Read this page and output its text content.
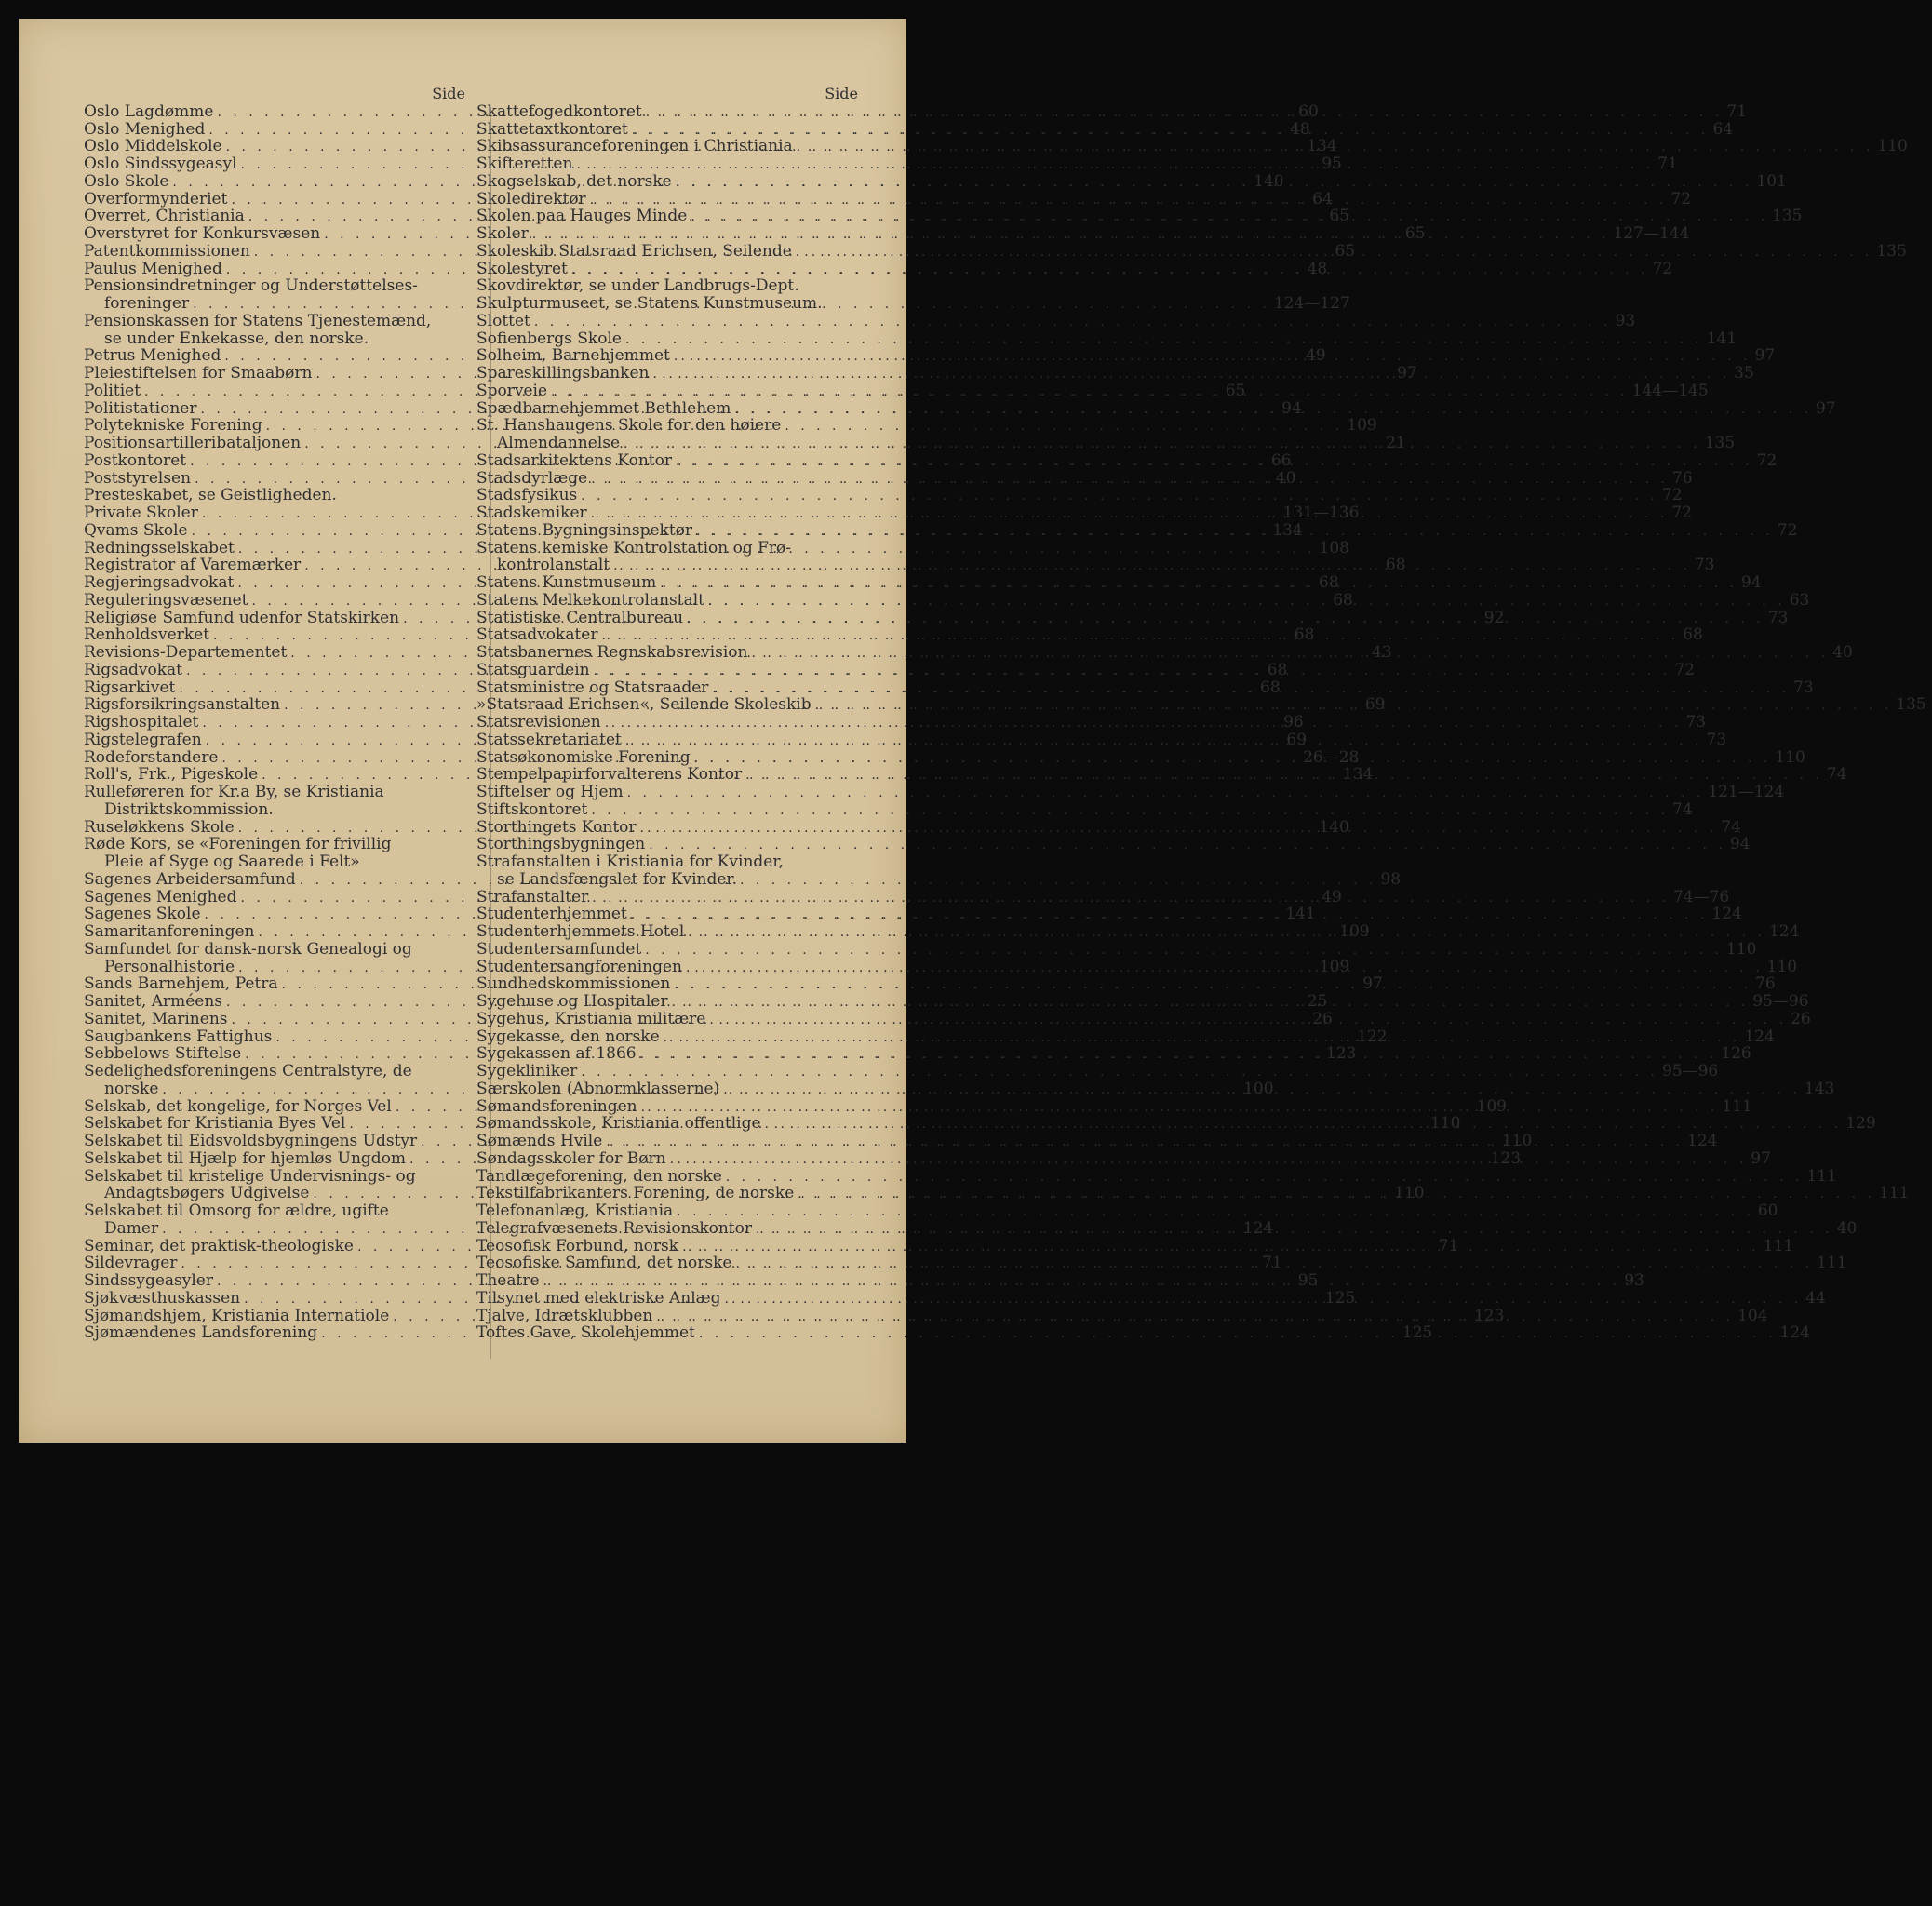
Side
Oslo Lagdømme . . .	60
Oslo Menighed . . .	48
Oslo Middelskole . . .	134
Oslo Sindssygeasyl . . .	95
Oslo Skole . . .	140
Overformynderiet . . .	64
Overret, Christiania . . .	65
Overstyret for Konkursvæsen . . .	65
Patentkommissionen . . .	65
Paulus Menighed . . .	48
Pensionsindretninger og Understøttelses-
foreninger . . .	124—127
Pensionskassen for Statens Tjenestemænd,
se under Enkekasse, den norske.
Petrus Menighed . . .	49
Pleiestiftelsen for Smaabørn . . .	97
Politiet . . .	65
Politistationer . . .	94
Polytekniske Forening . . .	109
Positionsartilleribataljonen . . .	21
Postkontoret . . .	66
Poststyrelsen . . .	40
Presteskabet, se Geistligheden.
Private Skoler . . .	131—136
Qvams Skole . . .	134
Redningsselskabet . . .	108
Registrator af Varemærker . . .	68
Regjeringsadvokat . . .	68
Reguleringsvæsenet . . .	68
Religiøse Samfund udenfor Statskirken . . .	92
Renholdsverket . . .	68
Revisions-Departementet . . .	43
Rigsadvokat . . .	68
Rigsarkivet . . .	68
Rigsforsikringsanstalten . . .	69
Rigshospitalet . . .	96
Rigstelegrafen . . .	69
Rodeforstandere . . .	26—28
Roll's, Frk., Pigeskole . . .	134
Rulleføreren for Kr.a By, se Kristiania
Distriktskommission.
Ruseløkkens Skole . . .	140
Røde Kors, se «Foreningen for frivillig
Pleie af Syge og Saarede i Felt»
Sagenes Arbeidersamfund . . .	98
Sagenes Menighed . . .	49
Sagenes Skole . . .	141
Samaritanforeningen . . .	109
Samfundet for dansk-norsk Genealogi og
Personalhistorie . . .	109
Sands Barnehjem, Petra . . .	97
Sanitet, Arméens . . .	25
Sanitet, Marinens . . .	26
Saugbankens Fattighus . . .	122
Sebbelows Stiftelse . . .	123
Sedelighedsforeningens Centralstyre, de
norske . . .	100
Selskab, det kongelige, for Norges Vel . . .	109
Selskabet for Kristiania Byes Vel . . .	110
Selskabet til Eidsvoldsbygningens Udstyr . . .	110
Selskabet til Hjælp for hjemløs Ungdom . . .	123
Selskabet til kristelige Undervisnings- og
Andagtsbøgers Udgivelse . . .	110
Selskabet til Omsorg for ældre, ugifte
Damer . . .	124
Seminar, det praktisk-theologiske . . .	71
Sildevrager . . .	71
Sindssygeasyler . . .	95
Sjøkvæsthuskassen . . .	125
Sjømandshjem, Kristiania Internatiole . . .	123
Sjømændenes Landsforening . . .	125
Side
Skattefogedkontoret . . .	71
Skattetaxtkontoret . . .	64
Skibsassuranceforeningen i Christiania . . .	110
Skifteretten . . .	71
Skogselskab, det norske . . .	101
Skoledirektør . . .	72
Skolen paa Hauges Minde . . .	135
Skoler . . .	127—144
Skoleskib Statsraad Erichsen, Seilende . . .	135
Skolestyret . . .	72
Skovdirektør, se under Landbrugs-Dept.
Skulpturmuseet, se Statens Kunstmuseum.
Slottet . . .	93
Sofienbergs Skole . . .	141
Solheim, Barnehjemmet . . .	97
Spareskillingsbanken . . .	35
Sporveie . . .	144—145
Spædbarnehjemmet Bethlehem . . .	97
St. Hanshaugens Skole for den høiere
Almendannelse . . .	135
Stadsarkitektens Kontor . . .	72
Stadsdyrlæge . . .	76
Stadsfysikus . . .	72
Stadskemiker . . .	72
Statens Bygningsinspektør . . .	72
Statens kemiske Kontrolstation og Frø-
kontrolanstalt . . .	73
Statens Kunstmuseum . . .	94
Statens Melkekontrolanstalt . . .	63
Statistiske Centralbureau . . .	73
Statsadvokater . . .	68
Statsbanernes Regnskabsrevision . . .	40
Statsguardein . . .	72
Statsministre og Statsraader . . .	73
»Statsraad Erichsen«, Seilende Skoleskib . . .	135
Statsrevisionen . . .	73
Statssekretariatet . . .	73
Statsøkonomiske Forening . . .	110
Stempelpapirforvalterens Kontor . . .	74
Stiftelser og Hjem . . .	121—124
Stiftskontoret . . .	74
Storthingets Kontor . . .	74
Storthingsbygningen . . .	94
Strafanstalten i Kristiania for Kvinder,
se Landsfængslet for Kvinder.
Strafanstalter . . .	74—76
Studenterhjemmet . . .	124
Studenterhjemmets Hotel . . .	124
Studentersamfundet . . .	110
Studentersangforeningen . . .	110
Sundhedskommissionen . . .	76
Sygehuse og Hospitaler . . .	95—96
Sygehus, Kristiania militære . . .	26
Sygekasse, den norske . . .	124
Sygekassen af 1866 . . .	126
Sygekliniker . . .	95—96
Særskolen (Abnormklasserne) . . .	143
Sømandsforeningen . . .	111
Sømandsskole, Kristiania offentlige . . .	129
Sømænds Hvile . . .	124
Søndagsskoler for Børn . . .	97
Tandlægeforening, den norske . . .	111
Tekstilfabrikanters Forening, de norske . . .	111
Telefonanlæg, Kristiania . . .	60
Telegrafvæsenets Revisionskontor . . .	40
Teosofisk Forbund, norsk . . .	111
Teosofiske Samfund, det norske . . .	111
Theatre . . .	93
Tilsynet med elektriske Anlæg . . .	44
Tjalve, Idrætsklubben . . .	104
Toftes Gave, Skolehjemmet . . .	124
